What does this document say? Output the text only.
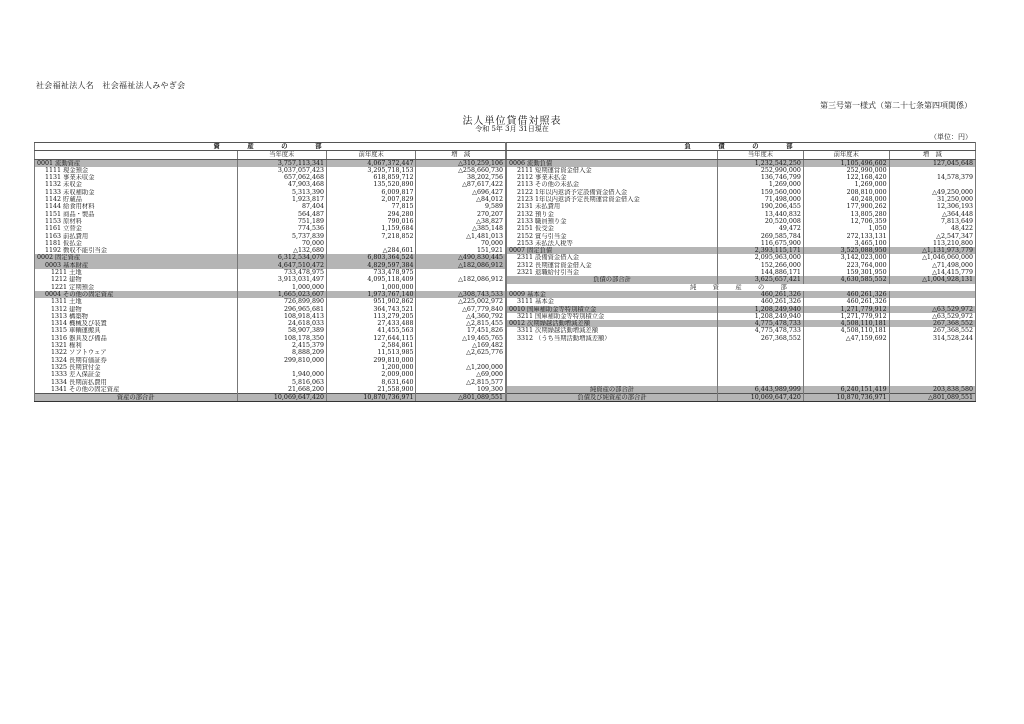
社会福祉法人名　社会福祉法人みやぎ会
第三号第一様式（第二十七条第四項関係）
法人単位貸借対照表
令和 5年 3月 31日現在
（単位：円）
資　　産　　の　　部			
	当年度末	前年度末	増　減
0001 流動資産	3,757,113,341	4,067,372,447	△310,259,106
1111 現金預金	3,037,057,423	3,295,718,153	△258,660,730
1131 事業未収金	657,062,468	618,859,712	38,202,756
1132 未収金	47,903,468	135,520,890	△87,617,422
1133 未収補助金	5,313,390	6,009,817	△696,427
1142 貯蔵品	1,923,817	2,007,829	△84,012
1144 給食用材料	87,404	77,815	9,589
1151 商品・製品	564,487	294,280	270,207
1153 原材料	751,189	790,016	△38,827
1161 立替金	774,536	1,159,684	△385,148
1163 前払費用	5,737,839	7,218,852	△1,481,013
1181 仮払金	70,000		70,000
1192 徴収不能引当金	△132,680	△284,601	151,921
0002 固定資産	6,312,534,079	6,803,364,524	△490,830,445
0003 基本財産	4,647,510,472	4,829,597,384	△182,086,912
1211 土地	733,478,975	733,478,975	
1212 建物	3,913,031,497	4,095,118,409	△182,086,912
1221 定期預金	1,000,000	1,000,000	
0004 その他の固定資産	1,665,023,607	1,973,767,140	△308,743,533
1311 土地	726,899,890	951,902,862	△225,002,972
1312 建物	296,965,681	364,743,521	△67,779,840
1313 構築物	108,918,413	113,279,205	△4,360,792
1314 機械及び装置	24,618,033	27,433,488	△2,815,455
1315 車輌運搬具	58,907,389	41,455,563	17,451,826
1316 器具及び備品	108,178,350	127,644,115	△19,465,765
1321 権利	2,415,379	2,584,861	△169,482
1322 ソフトウェア	8,888,209	11,513,985	△2,625,776
1324 長期有価証券	299,810,000	299,810,000	
1325 長期貸付金		1,200,000	△1,200,000
1333 差入保証金	1,940,000	2,009,000	△69,000
1334 長期前払費用	5,816,063	8,631,640	△2,815,577
1341 その他の固定資産	21,668,200	21,558,900	109,300
資産の部合計	10,069,647,420	10,870,736,971	△801,089,551
負　　債　　の　　部			
	当年度末	前年度末	増　減
0006 流動負債	1,232,542,250	1,105,496,602	127,045,648
2111 短期運営資金借入金	252,990,000	252,990,000	
2112 事業未払金	136,746,799	122,168,420	14,578,379
2113 その他の未払金	1,269,000	1,269,000	
2122 1年以内返済予定設備資金借入金	159,560,000	208,810,000	△49,250,000
2123 1年以内返済予定長期運営資金借入金	71,498,000	40,248,000	31,250,000
2131 未払費用	190,206,455	177,900,262	12,306,193
2132 預り金	13,440,832	13,805,280	△364,448
2133 職員預り金	20,520,008	12,706,359	7,813,649
2151 仮受金	49,472	1,050	48,422
2152 賞与引当金	269,585,784	272,133,131	△2,547,347
2153 未払法人税等	116,675,900	3,465,100	113,210,800
0007 固定負債	2,393,115,171	3,525,088,950	△1,131,973,779
2311 設備資金借入金	2,095,963,000	3,142,023,000	△1,046,060,000
2312 長期運営資金借入金	152,266,000	223,764,000	△71,498,000
2321 退職給付引当金	144,886,171	159,301,950	△14,415,779
負債の部合計	3,625,657,421	4,630,585,552	△1,004,928,131
純　資　産　の　部			
0009 基本金	460,261,326	460,261,326	
3111 基本金	460,261,326	460,261,326	
0010 国庫補助金等特別積立金	1,208,249,940	1,271,779,912	△63,529,972
3211 国庫補助金等特別積立金	1,208,249,940	1,271,779,912	△63,529,972
0012 次期繰越活動増減差額	4,775,478,733	4,508,110,181	267,368,552
3311 次期繰越活動増減差額	4,775,478,733	4,508,110,181	267,368,552
3312 （うち当期活動増減差額）	267,368,552	△47,159,692	314,528,244

純資産の部合計	6,443,989,999	6,240,151,419	203,838,580
負債及び純資産の部合計	10,069,647,420	10,870,736,971	△801,089,551
